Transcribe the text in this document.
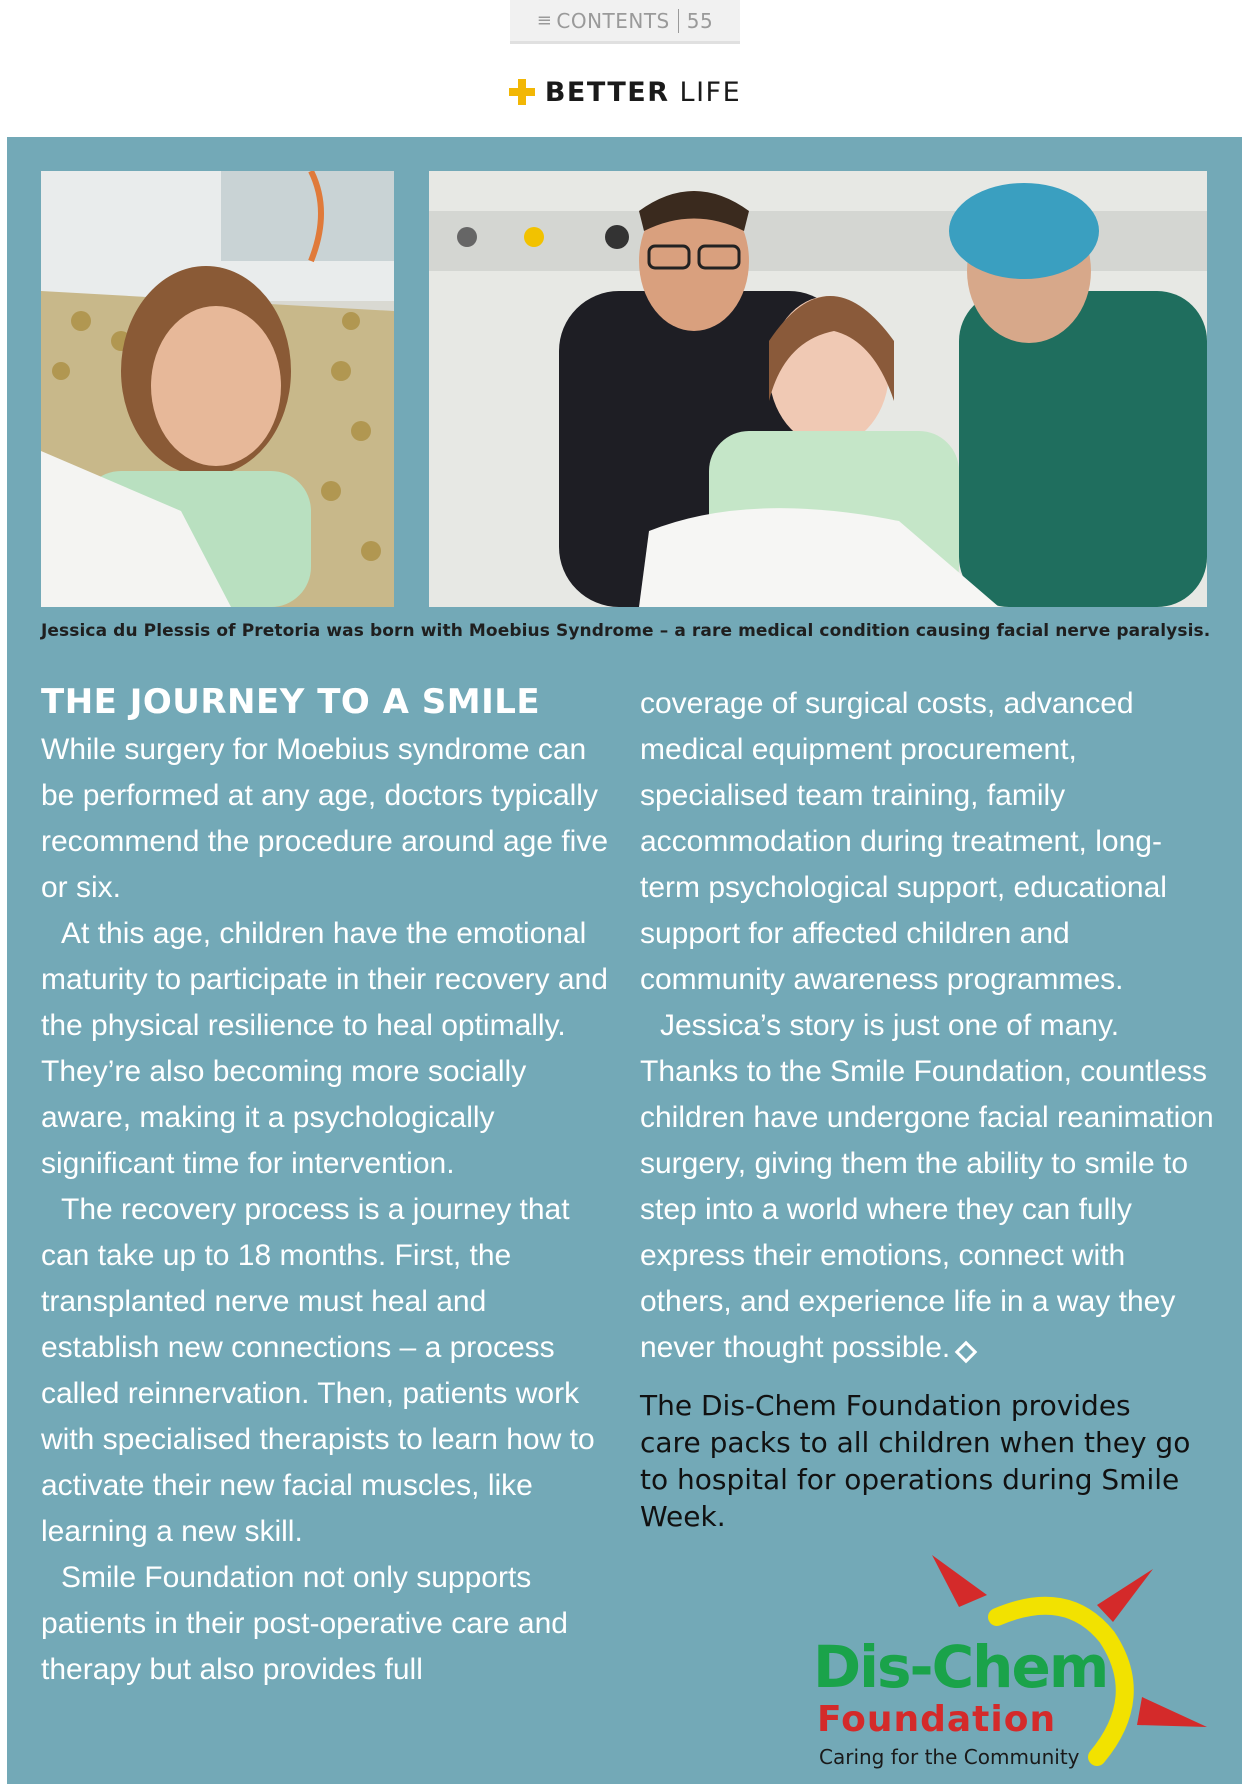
≡ CONTENTS 55
BETTER LIFE
Jessica du Plessis of Pretoria was born with Moebius Syndrome – a rare medical condition causing facial nerve paralysis.
THE JOURNEY TO A SMILE

While surgery for Moebius syndrome can be performed at any age, doctors typically recommend the procedure around age five or six.

At this age, children have the emotional maturity to participate in their recovery and the physical resilience to heal optimally. They’re also becoming more socially aware, making it a psychologically significant time for intervention.

The recovery process is a journey that can take up to 18 months. First, the transplanted nerve must heal and establish new connections – a process called reinnervation. Then, patients work with specialised therapists to learn how to activate their new facial muscles, like learning a new skill.

Smile Foundation not only supports patients in their post-operative care and therapy but also provides full

coverage of surgical costs, advanced medical equipment procurement, specialised team training, family accommodation during treatment, long-term psychological support, educational support for affected children and community awareness programmes.

Jessica’s story is just one of many. Thanks to the Smile Foundation, countless children have undergone facial reanimation surgery, giving them the ability to smile to step into a world where they can fully express their emotions, connect with others, and experience life in a way they never thought possible.

The Dis-Chem Foundation provides care packs to all children when they go to hospital for operations during Smile Week.
Dis-Chem
Foundation
Caring for the Community
